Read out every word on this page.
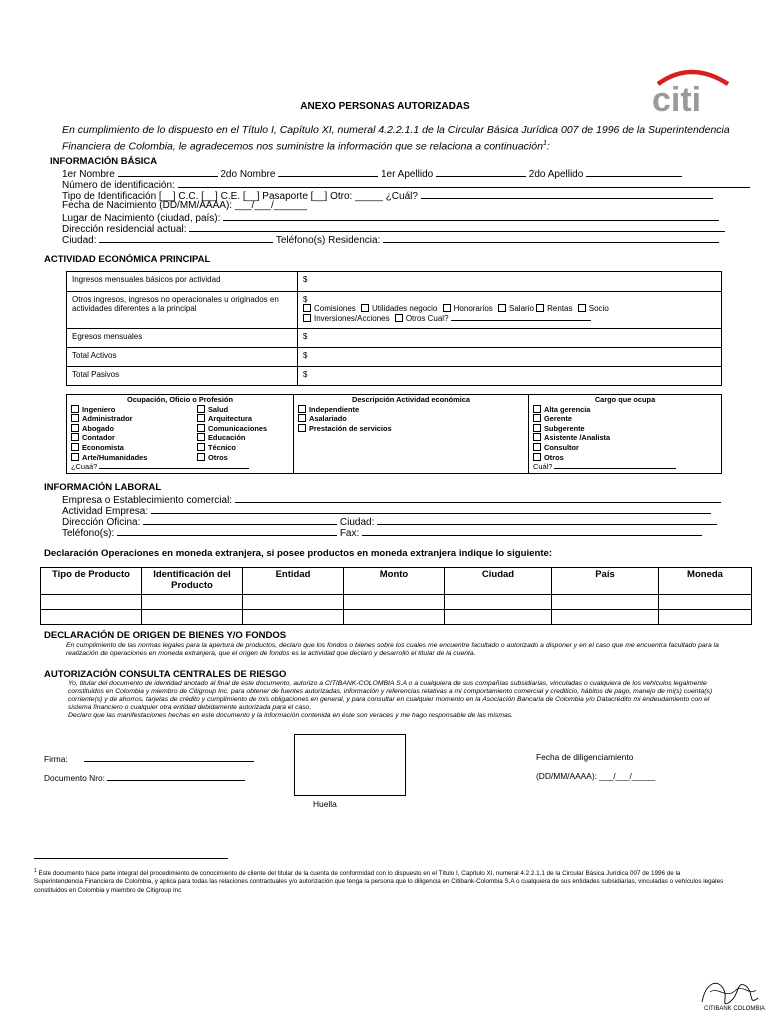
citi
ANEXO PERSONAS AUTORIZADAS
En cumplimiento de lo dispuesto en el Título I, Capítulo XI, numeral 4.2.2.1.1 de la Circular Básica Jurídica 007 de 1996 de la Superintendencia Financiera de Colombia, le agradecemos nos suministre la información que se relaciona a continuación$^1$:
INFORMACIÓN BÁSICA
1er Nombre	2do Nombre	1er Apellido	2do Apellido
Número de identificación:
Tipo de Identificación [__] C.C. [__] C.E. [__] Pasaporte [__] Otro: _____ ¿Cuál?
Fecha de Nacimiento (DD/MM/AAAA): ___/___/______
Lugar de Nacimiento (ciudad, país):
Dirección residencial actual:
Ciudad:	Teléfono(s) Residencia:
ACTIVIDAD ECONÓMICA PRINCIPAL
Ingresos mensuales básicos por actividad	$
Otros ingresos, ingresos no operacionales u originados en actividades diferentes a la principal	$
Comisiones Utilidades negocio Honorarios Salario Rentas Socio
Inversiones/Acciones Otros Cual?

Egresos mensuales	$
Total Activos	$
Total Pasivos	$
Ocupación, Oficio o Profesión
Ingeniero
Administrador
Abogado
Contador
Economista
Arte/Humanidades
Salud
Arquitectura
Comunicaciones
Educación
Técnico
Otros
¿Cuaá?

Descripción Actividad económica
Independiente
Asalariado
Prestación de servicios

Cargo que ocupa
Alta gerencia
Gerente
Subgerente
Asistente /Analista
Consultor
Otros
Cuál?
INFORMACIÓN LABORAL
Empresa o Establecimiento comercial:
Actividad Empresa:
Dirección Oficina:	Ciudad:
Teléfono(s):	Fax:
Declaración Operaciones en moneda extranjera, si posee productos en moneda extranjera indique lo siguiente:
Tipo de Producto	Identificación del Producto	Entidad	Monto	Ciudad	País	Moneda

DECLARACIÓN DE ORIGEN DE BIENES Y/O FONDOS
En cumplimiento de las normas legales para la apertura de productos, declaro que los fondos o bienes sobre los cuales me encuentre facultado o autorizado a disponer y en el caso que me encuentra facultado para la realización de operaciones en moneda extranjera, que el origen de fondos es la actividad que declaró y desarrolló el titular de la cuenta.
AUTORIZACIÓN CONSULTA CENTRALES DE RIESGO
Yo, titular del documento de identidad anotado al final de este documento, autorizo a CITIBANK-COLOMBIA S.A o a cualquiera de sus compañías subsidiarias, vinculadas o cualquiera de los vehículos legalmente constituidos en Colombia y miembro de Citigroup Inc. para obtener de fuentes autorizadas, información y referencias relativas a mi comportamiento comercial y crediticio, hábitos de pago, manejo de mi(s) cuenta(s) corriente(s) y de ahorros, tarjetas de crédito y cumplimiento de mis obligaciones en general, y para consultar en cualquier momento en la Asociación Bancaria de Colombia y/o Datacrédito mi endeudamiento con el sistema financiero o cualquier otra entidad debidamente autorizada para el caso.
Declaro que las manifestaciones hechas en este documento y la información contenida en éste son veraces y me hago responsable de las mismas.
Firma:
Documento Nro:
Huella
Fecha de diligenciamiento
(DD/MM/AAAA): ___/___/_____
$^1$ Este documento hace parte integral del procedimiento de conocimiento de cliente del titular de la cuenta de conformidad con lo dispuesto en el Título I, Capítulo XI, numeral 4.2.2.1.1 de la Circular Básica Jurídica 007 de 1996 de la Superintendencia Financiera de Colombia, y aplica para todas las relaciones contractuales y/o autorización que tenga la persona que lo diligencia en Citibank-Colombia S.A o cualquiera de sus entidades subsidiarias, vinculadas o vehículos legales constituidos en Colombia y miembro de Citigroup Inc
CITIBANK COLOMBIA
